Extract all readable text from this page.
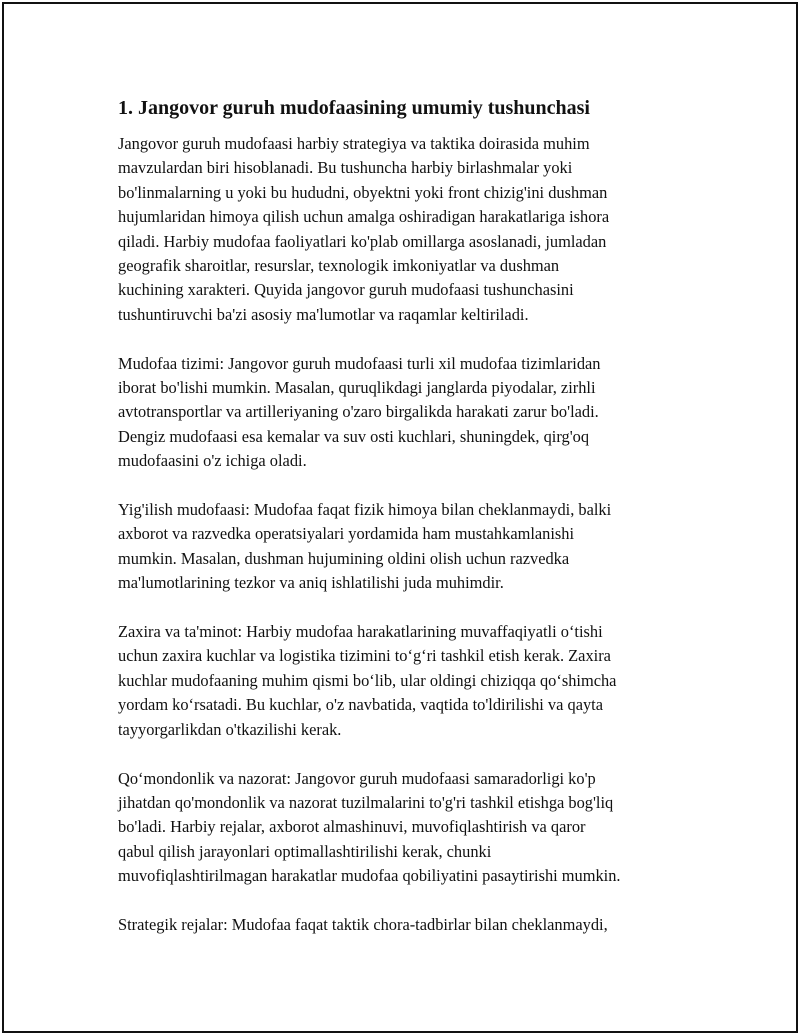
1. Jangovor guruh mudofaasining umumiy tushunchasi

Jangovor guruh mudofaasi harbiy strategiya va taktika doirasida muhim
mavzulardan biri hisoblanadi. Bu tushuncha harbiy birlashmalar yoki
bo'linmalarning u yoki bu hududni, obyektni yoki front chizig'ini dushman
hujumlaridan himoya qilish uchun amalga oshiradigan harakatlariga ishora
qiladi. Harbiy mudofaa faoliyatlari ko'plab omillarga asoslanadi, jumladan
geografik sharoitlar, resurslar, texnologik imkoniyatlar va dushman
kuchining xarakteri. Quyida jangovor guruh mudofaasi tushunchasini
tushuntiruvchi ba'zi asosiy ma'lumotlar va raqamlar keltiriladi.

Mudofaa tizimi: Jangovor guruh mudofaasi turli xil mudofaa tizimlaridan
iborat bo'lishi mumkin. Masalan, quruqlikdagi janglarda piyodalar, zirhli
avtotransportlar va artilleriyaning o'zaro birgalikda harakati zarur bo'ladi.
Dengiz mudofaasi esa kemalar va suv osti kuchlari, shuningdek, qirg'oq
mudofaasini o'z ichiga oladi.

Yig'ilish mudofaasi: Mudofaa faqat fizik himoya bilan cheklanmaydi, balki
axborot va razvedka operatsiyalari yordamida ham mustahkamlanishi
mumkin. Masalan, dushman hujumining oldini olish uchun razvedka
ma'lumotlarining tezkor va aniq ishlatilishi juda muhimdir.

Zaxira va ta'minot: Harbiy mudofaa harakatlarining muvaffaqiyatli o‘tishi
uchun zaxira kuchlar va logistika tizimini to‘g‘ri tashkil etish kerak. Zaxira
kuchlar mudofaaning muhim qismi bo‘lib, ular oldingi chiziqqa qo‘shimcha
yordam ko‘rsatadi. Bu kuchlar, o'z navbatida, vaqtida to'ldirilishi va qayta
tayyorgarlikdan o'tkazilishi kerak.

Qo‘mondonlik va nazorat: Jangovor guruh mudofaasi samaradorligi ko'p
jihatdan qo'mondonlik va nazorat tuzilmalarini to'g'ri tashkil etishga bog'liq
bo'ladi. Harbiy rejalar, axborot almashinuvi, muvofiqlashtirish va qaror
qabul qilish jarayonlari optimallashtirilishi kerak, chunki
muvofiqlashtirilmagan harakatlar mudofaa qobiliyatini pasaytirishi mumkin.

Strategik rejalar: Mudofaa faqat taktik chora-tadbirlar bilan cheklanmaydi,
